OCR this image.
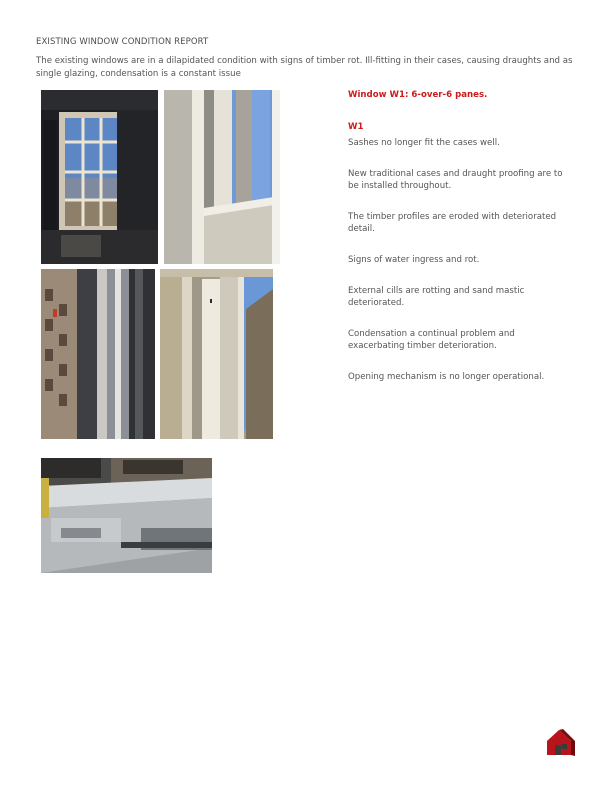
EXISTING WINDOW CONDITION REPORT
The existing windows are in a dilapidated condition with signs of timber rot. Ill-fitting in their cases, causing draughts and as single glazing, condensation is a constant issue
Window W1: 6-over-6 panes.
W1
Sashes no longer fit the cases well.
New traditional cases and draught proofing are to be installed throughout.
The timber profiles are eroded with deteriorated detail.
Signs of water ingress and rot.
External cills are rotting and sand mastic deteriorated.
Condensation a continual problem and exacerbating timber deterioration.
Opening mechanism is no longer operational.
